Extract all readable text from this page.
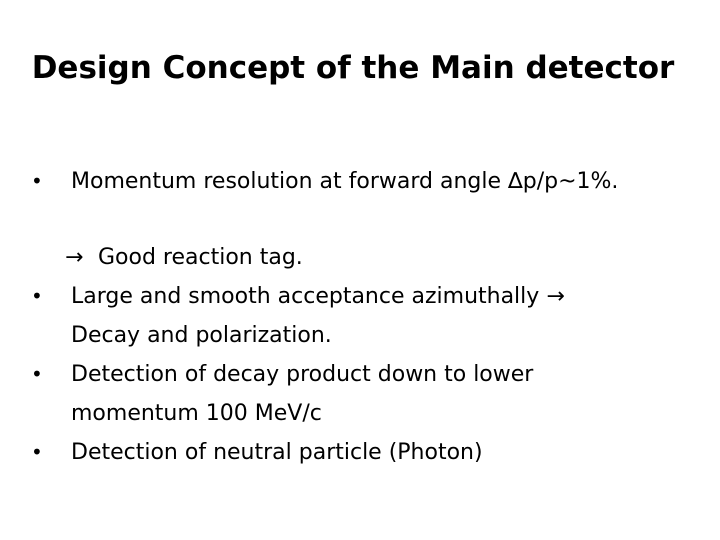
Design Concept of the Main detector
•	Momentum resolution at forward angle ∆p/p~1%.
→ Good reaction tag.
•	Large and smooth acceptance azimuthally →
Decay and polarization.
•	Detection of decay product down to lower
momentum 100 MeV/c
•	Detection of neutral particle (Photon)
